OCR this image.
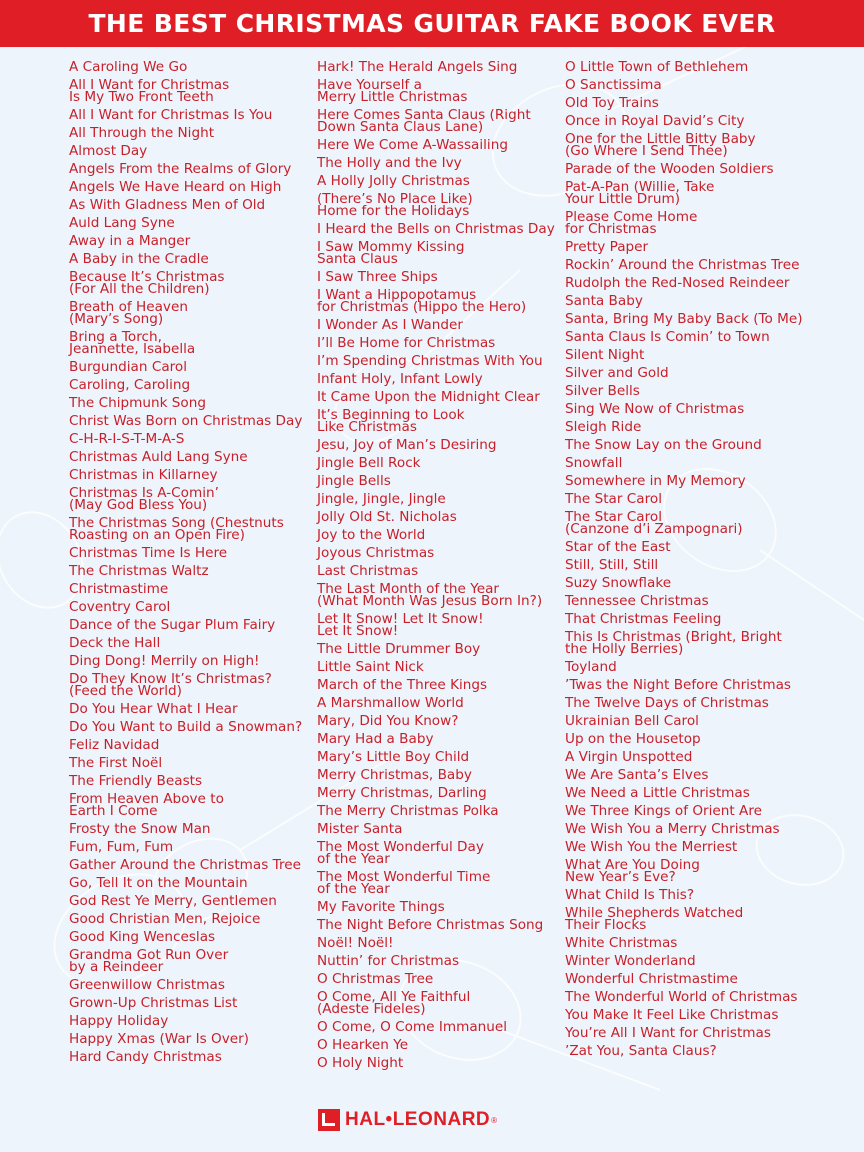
THE BEST CHRISTMAS GUITAR FAKE BOOK EVER
A Caroling We Go
All I Want for Christmas
Is My Two Front Teeth
All I Want for Christmas Is You
All Through the Night
Almost Day
Angels From the Realms of Glory
Angels We Have Heard on High
As With Gladness Men of Old
Auld Lang Syne
Away in a Manger
A Baby in the Cradle
Because It’s Christmas
(For All the Children)
Breath of Heaven
(Mary’s Song)
Bring a Torch,
Jeannette, Isabella
Burgundian Carol
Caroling, Caroling
The Chipmunk Song
Christ Was Born on Christmas Day
C-H-R-I-S-T-M-A-S
Christmas Auld Lang Syne
Christmas in Killarney
Christmas Is A-Comin’
(May God Bless You)
The Christmas Song (Chestnuts
Roasting on an Open Fire)
Christmas Time Is Here
The Christmas Waltz
Christmastime
Coventry Carol
Dance of the Sugar Plum Fairy
Deck the Hall
Ding Dong! Merrily on High!
Do They Know It’s Christmas?
(Feed the World)
Do You Hear What I Hear
Do You Want to Build a Snowman?
Feliz Navidad
The First Noël
The Friendly Beasts
From Heaven Above to
Earth I Come
Frosty the Snow Man
Fum, Fum, Fum
Gather Around the Christmas Tree
Go, Tell It on the Mountain
God Rest Ye Merry, Gentlemen
Good Christian Men, Rejoice
Good King Wenceslas
Grandma Got Run Over
by a Reindeer
Greenwillow Christmas
Grown-Up Christmas List
Happy Holiday
Happy Xmas (War Is Over)
Hard Candy Christmas
Hark! The Herald Angels Sing
Have Yourself a
Merry Little Christmas
Here Comes Santa Claus (Right
Down Santa Claus Lane)
Here We Come A-Wassailing
The Holly and the Ivy
A Holly Jolly Christmas
(There’s No Place Like)
Home for the Holidays
I Heard the Bells on Christmas Day
I Saw Mommy Kissing
Santa Claus
I Saw Three Ships
I Want a Hippopotamus
for Christmas (Hippo the Hero)
I Wonder As I Wander
I’ll Be Home for Christmas
I’m Spending Christmas With You
Infant Holy, Infant Lowly
It Came Upon the Midnight Clear
It’s Beginning to Look
Like Christmas
Jesu, Joy of Man’s Desiring
Jingle Bell Rock
Jingle Bells
Jingle, Jingle, Jingle
Jolly Old St. Nicholas
Joy to the World
Joyous Christmas
Last Christmas
The Last Month of the Year
(What Month Was Jesus Born In?)
Let It Snow! Let It Snow!
Let It Snow!
The Little Drummer Boy
Little Saint Nick
March of the Three Kings
A Marshmallow World
Mary, Did You Know?
Mary Had a Baby
Mary’s Little Boy Child
Merry Christmas, Baby
Merry Christmas, Darling
The Merry Christmas Polka
Mister Santa
The Most Wonderful Day
of the Year
The Most Wonderful Time
of the Year
My Favorite Things
The Night Before Christmas Song
Noël! Noël!
Nuttin’ for Christmas
O Christmas Tree
O Come, All Ye Faithful
(Adeste Fideles)
O Come, O Come Immanuel
O Hearken Ye
O Holy Night
O Little Town of Bethlehem
O Sanctissima
Old Toy Trains
Once in Royal David’s City
One for the Little Bitty Baby
(Go Where I Send Thee)
Parade of the Wooden Soldiers
Pat-A-Pan (Willie, Take
Your Little Drum)
Please Come Home
for Christmas
Pretty Paper
Rockin’ Around the Christmas Tree
Rudolph the Red-Nosed Reindeer
Santa Baby
Santa, Bring My Baby Back (To Me)
Santa Claus Is Comin’ to Town
Silent Night
Silver and Gold
Silver Bells
Sing We Now of Christmas
Sleigh Ride
The Snow Lay on the Ground
Snowfall
Somewhere in My Memory
The Star Carol
The Star Carol
(Canzone d’i Zampognari)
Star of the East
Still, Still, Still
Suzy Snowflake
Tennessee Christmas
That Christmas Feeling
This Is Christmas (Bright, Bright
the Holly Berries)
Toyland
’Twas the Night Before Christmas
The Twelve Days of Christmas
Ukrainian Bell Carol
Up on the Housetop
A Virgin Unspotted
We Are Santa’s Elves
We Need a Little Christmas
We Three Kings of Orient Are
We Wish You a Merry Christmas
We Wish You the Merriest
What Are You Doing
New Year’s Eve?
What Child Is This?
While Shepherds Watched
Their Flocks
White Christmas
Winter Wonderland
Wonderful Christmastime
The Wonderful World of Christmas
You Make It Feel Like Christmas
You’re All I Want for Christmas
’Zat You, Santa Claus?
HAL•LEONARD ®
